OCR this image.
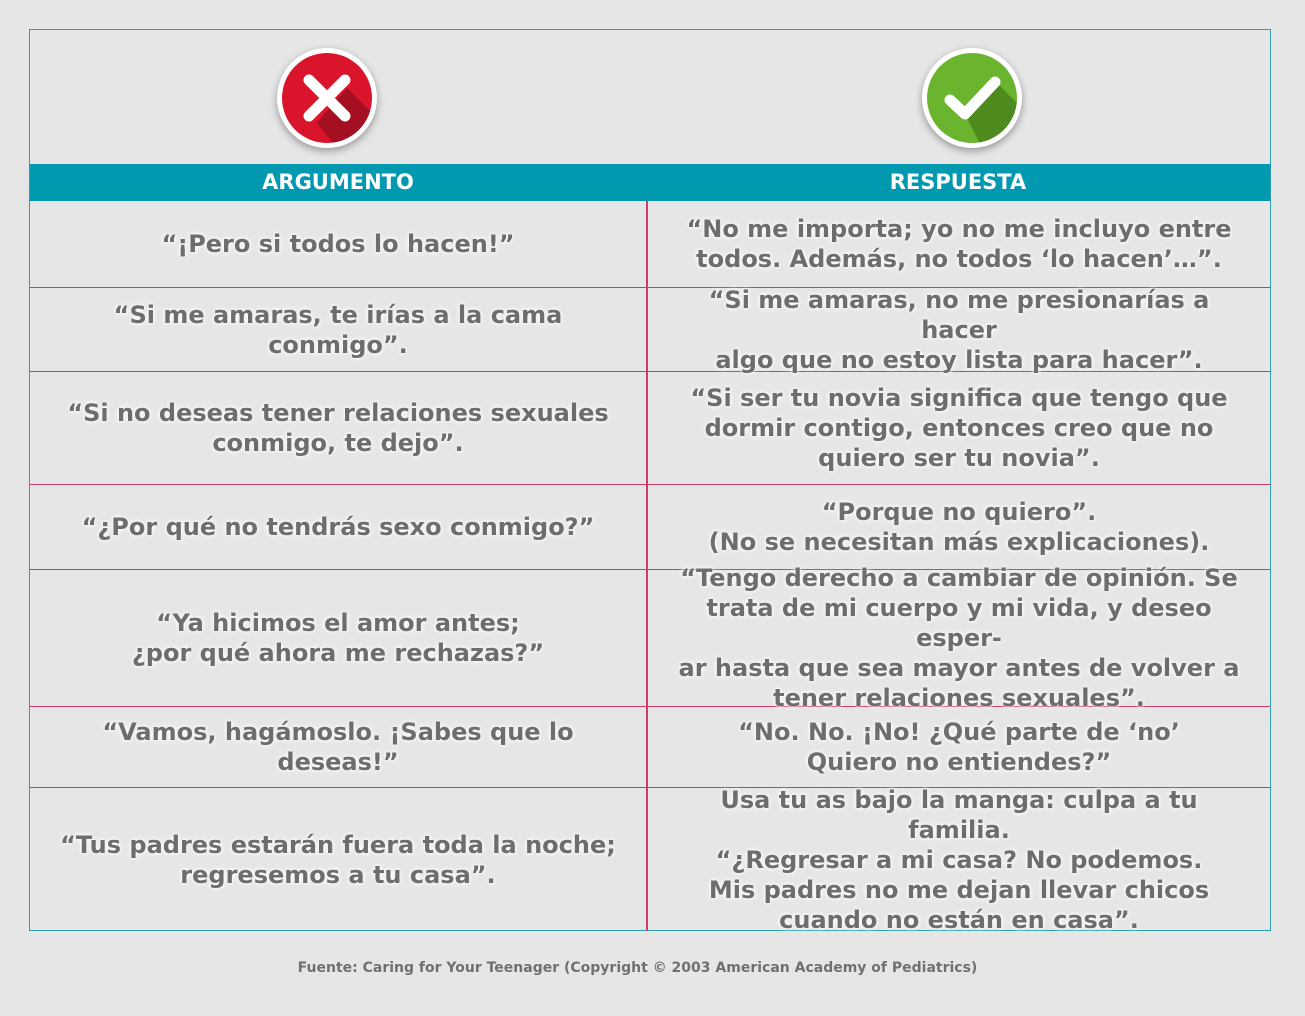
ARGUMENTO	RESPUESTA
“¡Pero si todos lo hacen!”
“No me importa; yo no me incluyo entre
todos. Además, no todos ‘lo hacen’…”.
“Si me amaras, te irías a la cama conmigo”.
“Si me amaras, no me presionarías a hacer
algo que no estoy lista para hacer”.
“Si no deseas tener relaciones sexuales
conmigo, te dejo”.
“Si ser tu novia significa que tengo que
dormir contigo, entonces creo que no
quiero ser tu novia”.
“¿Por qué no tendrás sexo conmigo?”
“Porque no quiero”.
(No se necesitan más explicaciones).
“Ya hicimos el amor antes;
¿por qué ahora me rechazas?”
“Tengo derecho a cambiar de opinión. Se
trata de mi cuerpo y mi vida, y deseo esper-
ar hasta que sea mayor antes de volver a
tener relaciones sexuales”.
“Vamos, hagámoslo. ¡Sabes que lo deseas!”
“No. No. ¡No! ¿Qué parte de ‘no’
Quiero no entiendes?”
“Tus padres estarán fuera toda la noche;
regresemos a tu casa”.
Usa tu as bajo la manga: culpa a tu familia.
“¿Regresar a mi casa? No podemos.
Mis padres no me dejan llevar chicos
cuando no están en casa”.
Fuente: Caring for Your Teenager (Copyright © 2003 American Academy of Pediatrics)
